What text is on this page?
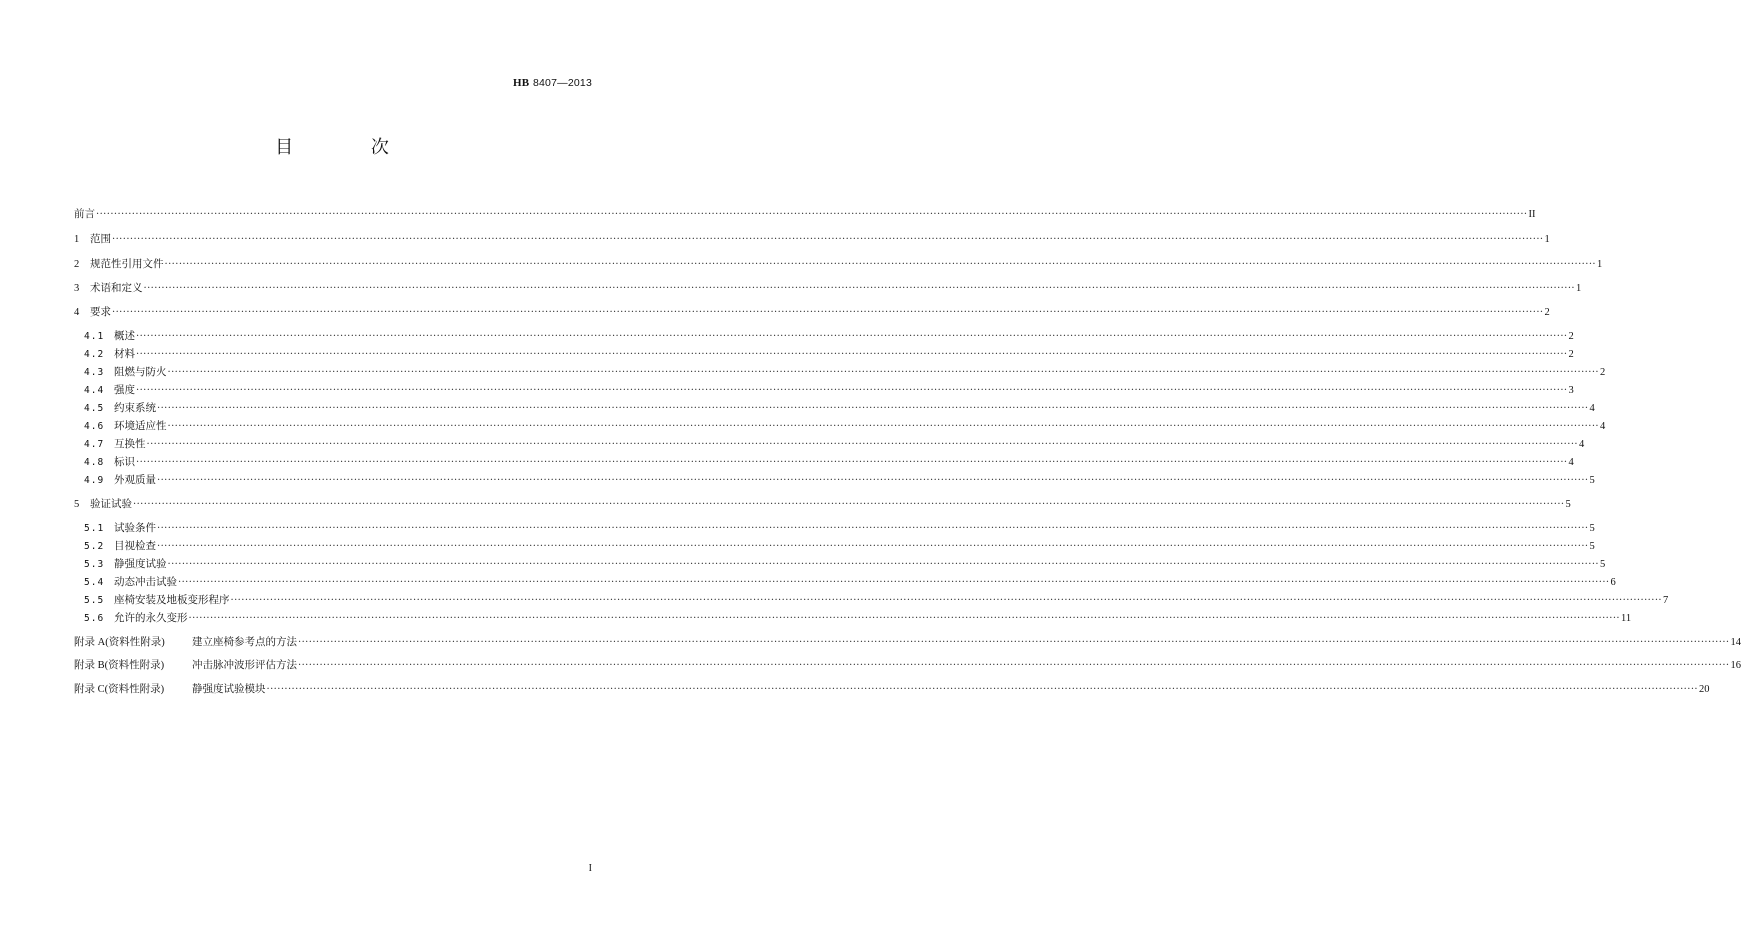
HB 8407—2013
目 次
前言 ················································································································································································································································································································································································································ II
1	范围 ················································································································································································································································································································································································································ 1
2	规范性引用文件 ················································································································································································································································································································································································································ 1
3	术语和定义 ················································································································································································································································································································································································································ 1
4	要求 ················································································································································································································································································································································································································ 2
4.1 概述 ················································································································································································································································································································································································································ 2
4.2 材料 ················································································································································································································································································································································································································ 2
4.3 阻燃与防火 ················································································································································································································································································································································································································ 2
4.4 强度 ················································································································································································································································································································································································································ 3
4.5 约束系统 ················································································································································································································································································································································································································ 4
4.6 环境适应性 ················································································································································································································································································································································································································ 4
4.7 互换性 ················································································································································································································································································································································································································ 4
4.8 标识 ················································································································································································································································································································································································································ 4
4.9 外观质量 ················································································································································································································································································································································································································ 5
5	验证试验 ················································································································································································································································································································································································································ 5
5.1 试验条件 ················································································································································································································································································································································································································ 5
5.2 目视检查 ················································································································································································································································································································································································································ 5
5.3 静强度试验 ················································································································································································································································································································································································································ 5
5.4 动态冲击试验 ················································································································································································································································································································································································································ 6
5.5 座椅安装及地板变形程序 ················································································································································································································································································································································································································ 7
5.6 允许的永久变形 ················································································································································································································································································································································································································ 11
附录 A(资料性附录)	建立座椅参考点的方法 ················································································································································································································································································································································································································ 14
附录 B(资料性附录)	冲击脉冲波形评估方法 ················································································································································································································································································································································································································ 16
附录 C(资料性附录)	静强度试验模块 ················································································································································································································································································································································································································ 20
I
